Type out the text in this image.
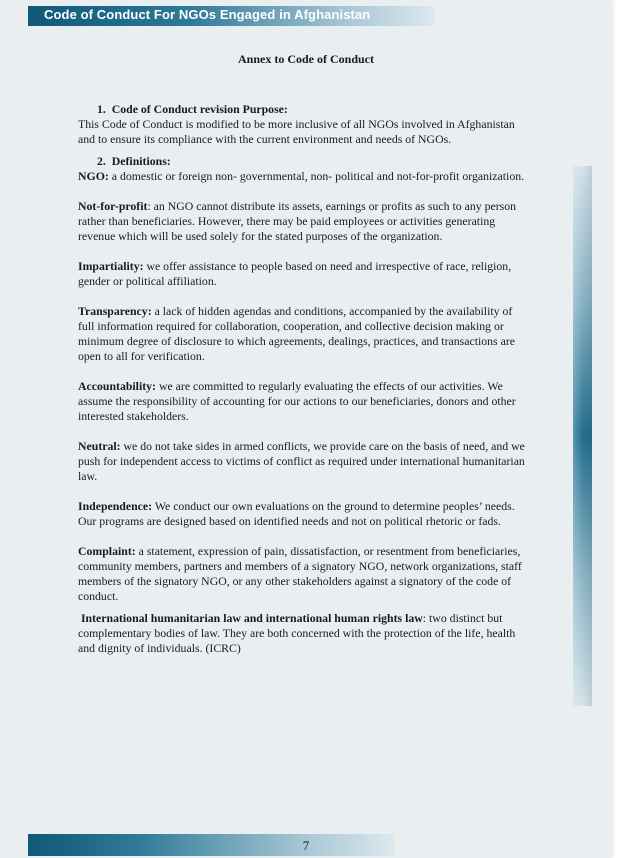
Code of Conduct For NGOs Engaged in Afghanistan
Annex to Code of Conduct

1.  Code of Conduct revision Purpose:

This Code of Conduct is modified to be more inclusive of all NGOs involved in Afghanistan and to ensure its compliance with the current environment and needs of NGOs.

2.  Definitions:

NGO: a domestic or foreign non- governmental, non- political and not-for-profit organization.

Not-for-profit: an NGO cannot distribute its assets, earnings or profits as such to any person rather than beneficiaries. However, there may be paid employees or activities generating revenue which will be used solely for the stated purposes of the organization.

Impartiality: we offer assistance to people based on need and irrespective of race, religion, gender or political affiliation.

Transparency: a lack of hidden agendas and conditions, accompanied by the availability of full information required for collaboration, cooperation, and collective decision making or minimum degree of disclosure to which agreements, dealings, practices, and transactions are open to all for verification.

Accountability: we are committed to regularly evaluating the effects of our activities. We assume the responsibility of accounting for our actions to our beneficiaries, donors and other interested stakeholders.

Neutral: we do not take sides in armed conflicts, we provide care on the basis of need, and we push for independent access to victims of conflict as required under international humanitarian law.

Independence: We conduct our own evaluations on the ground to determine peoples’ needs. Our programs are designed based on identified needs and not on political rhetoric or fads.

Complaint: a statement, expression of pain, dissatisfaction, or resentment from beneficiaries, community members, partners and members of a signatory NGO, network organizations, staff members of the signatory NGO, or any other stakeholders against a signatory of the code of conduct.

International humanitarian law and international human rights law: two distinct but complementary bodies of law. They are both concerned with the protection of the life, health and dignity of individuals. (ICRC)

7
